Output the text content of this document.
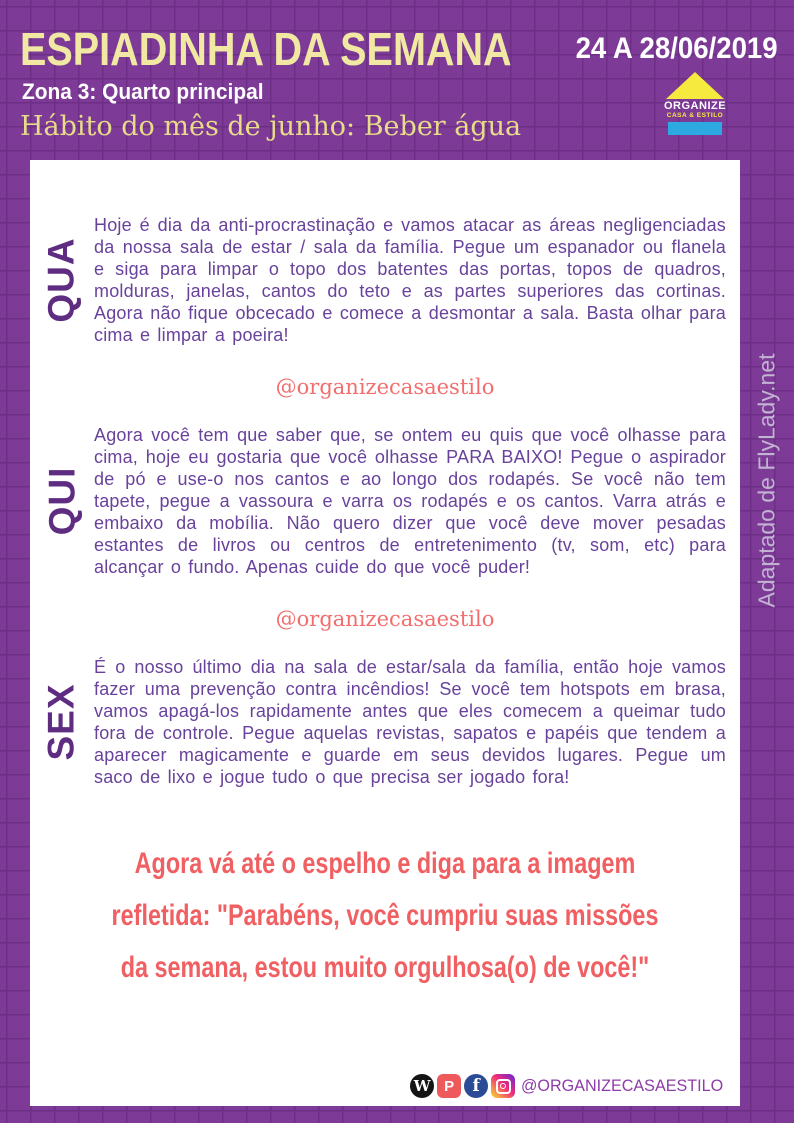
ESPIADINHA DA SEMANA 24 A 28/06/2019
Zona 3: Quarto principal
Hábito do mês de junho: Beber água
ORGANIZE
CASA & ESTILO
QUA

Hoje é dia da anti-procrastinação e vamos atacar as áreas negligenciadas da nossa sala de estar / sala da família. Pegue um espanador ou flanela e siga para limpar o topo dos batentes das portas, topos de quadros, molduras, janelas, cantos do teto e as partes superiores das cortinas. Agora não fique obcecado e comece a desmontar a sala. Basta olhar para cima e limpar a poeira!

@organizecasaestilo
QUI

Agora você tem que saber que, se ontem eu quis que você olhasse para cima, hoje eu gostaria que você olhasse PARA BAIXO! Pegue o aspirador de pó e use-o nos cantos e ao longo dos rodapés. Se você não tem tapete, pegue a vassoura e varra os rodapés e os cantos. Varra atrás e embaixo da mobília. Não quero dizer que você deve mover pesadas estantes de livros ou centros de entretenimento (tv, som, etc) para alcançar o fundo. Apenas cuide do que você puder!

@organizecasaestilo
SEX

É o nosso último dia na sala de estar/sala da família, então hoje vamos fazer uma prevenção contra incêndios! Se você tem hotspots em brasa, vamos apagá-los rapidamente antes que eles comecem a queimar tudo fora de controle. Pegue aquelas revistas, sapatos e papéis que tendem a aparecer magicamente e guarde em seus devidos lugares. Pegue um saco de lixo e jogue tudo o que precisa ser jogado fora!

Agora vá até o espelho e diga para a imagem
refletida: "Parabéns, você cumpriu suas missões
da semana, estou muito orgulhosa(o) de você!"
W P	f	@ORGANIZECASAESTILO
Adaptado de FlyLady.net
